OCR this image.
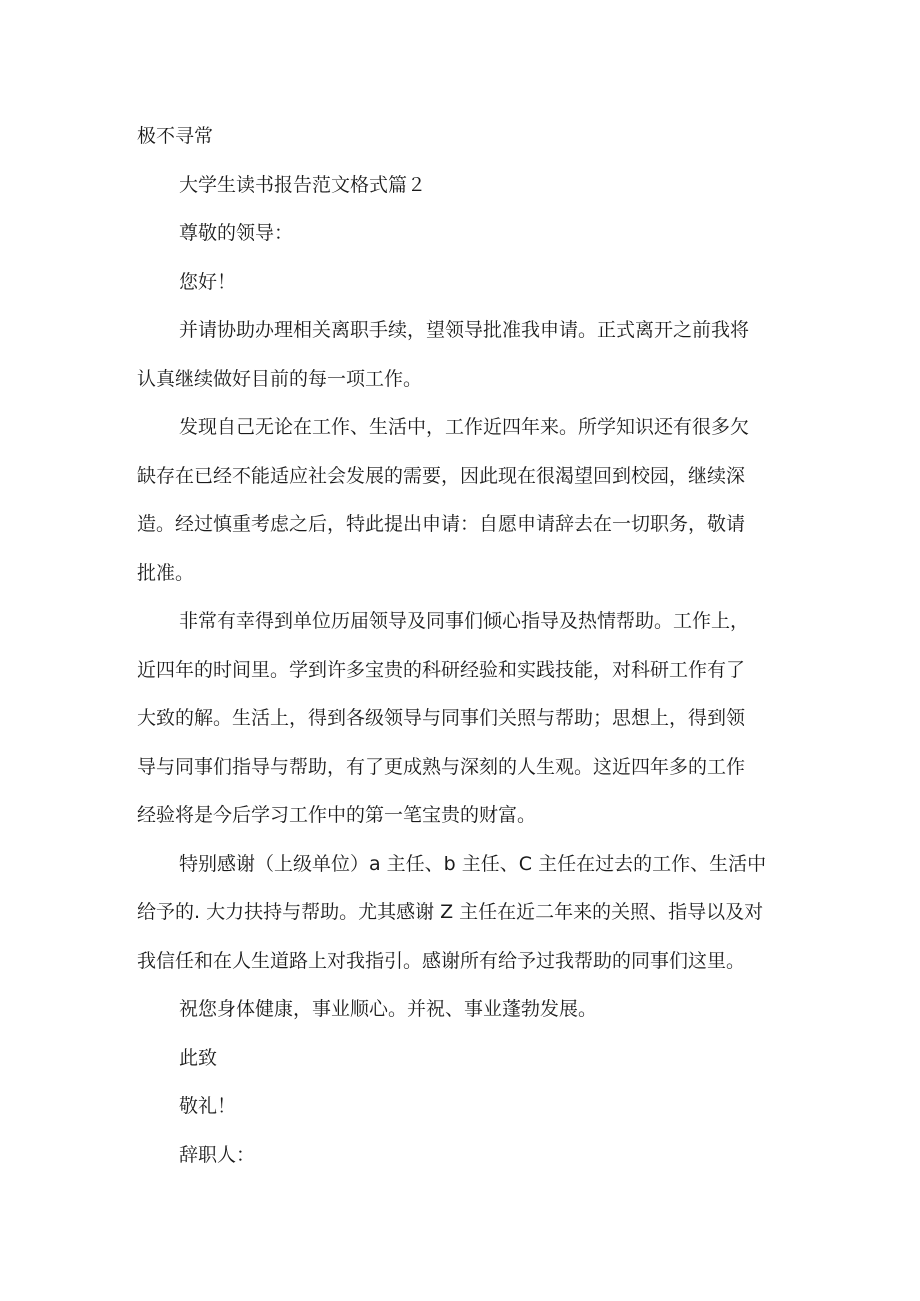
极不寻常

大学生读书报告范文格式篇２

尊敬的领导：

您好！

并请协助办理相关离职手续，望领导批准我申请。正式离开之前我将

认真继续做好目前的每一项工作。

发现自己无论在工作、生活中，工作近四年来。所学知识还有很多欠

缺存在已经不能适应社会发展的需要，因此现在很渴望回到校园，继续深

造。经过慎重考虑之后，特此提出申请：自愿申请辞去在一切职务，敬请

批准。

非常有幸得到单位历届领导及同事们倾心指导及热情帮助。工作上，

近四年的时间里。学到许多宝贵的科研经验和实践技能，对科研工作有了

大致的解。生活上，得到各级领导与同事们关照与帮助；思想上，得到领

导与同事们指导与帮助，有了更成熟与深刻的人生观。这近四年多的工作

经验将是今后学习工作中的第一笔宝贵的财富。

特别感谢（上级单位）a 主任、b 主任、C 主任在过去的工作、生活中

给予的. 大力扶持与帮助。尤其感谢 Z 主任在近二年来的关照、指导以及对

我信任和在人生道路上对我指引。感谢所有给予过我帮助的同事们这里。

祝您身体健康，事业顺心。并祝、事业蓬勃发展。

此致

敬礼！

辞职人：
